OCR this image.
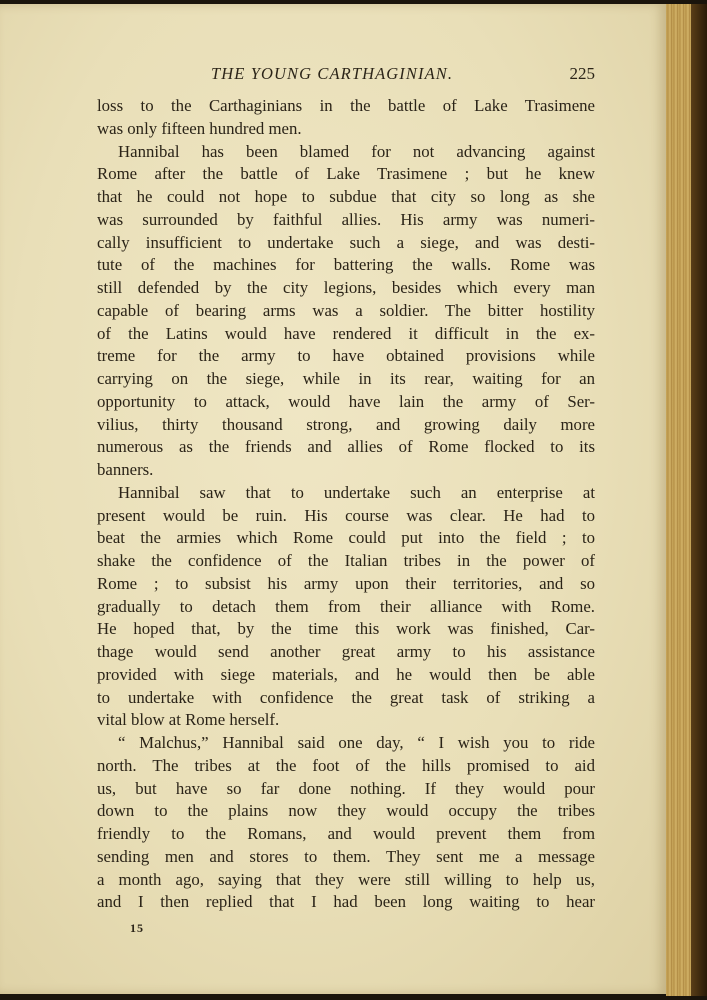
THE YOUNG CARTHAGINIAN.	225
loss to the Carthaginians in the battle of Lake Trasimene
was only fifteen hundred men.
Hannibal has been blamed for not advancing against
Rome after the battle of Lake Trasimene ; but he knew
that he could not hope to subdue that city so long as she
was surrounded by faithful allies. His army was numeri-
cally insufficient to undertake such a siege, and was desti-
tute of the machines for battering the walls. Rome was
still defended by the city legions, besides which every man
capable of bearing arms was a soldier. The bitter hostility
of the Latins would have rendered it difficult in the ex-
treme for the army to have obtained provisions while
carrying on the siege, while in its rear, waiting for an
opportunity to attack, would have lain the army of Ser-
vilius, thirty thousand strong, and growing daily more
numerous as the friends and allies of Rome flocked to its
banners.
Hannibal saw that to undertake such an enterprise at
present would be ruin. His course was clear. He had to
beat the armies which Rome could put into the field ; to
shake the confidence of the Italian tribes in the power of
Rome ; to subsist his army upon their territories, and so
gradually to detach them from their alliance with Rome.
He hoped that, by the time this work was finished, Car-
thage would send another great army to his assistance
provided with siege materials, and he would then be able
to undertake with confidence the great task of striking a
vital blow at Rome herself.
“ Malchus,” Hannibal said one day, “ I wish you to ride
north. The tribes at the foot of the hills promised to aid
us, but have so far done nothing. If they would pour
down to the plains now they would occupy the tribes
friendly to the Romans, and would prevent them from
sending men and stores to them. They sent me a message
a month ago, saying that they were still willing to help us,
and I then replied that I had been long waiting to hear
15
